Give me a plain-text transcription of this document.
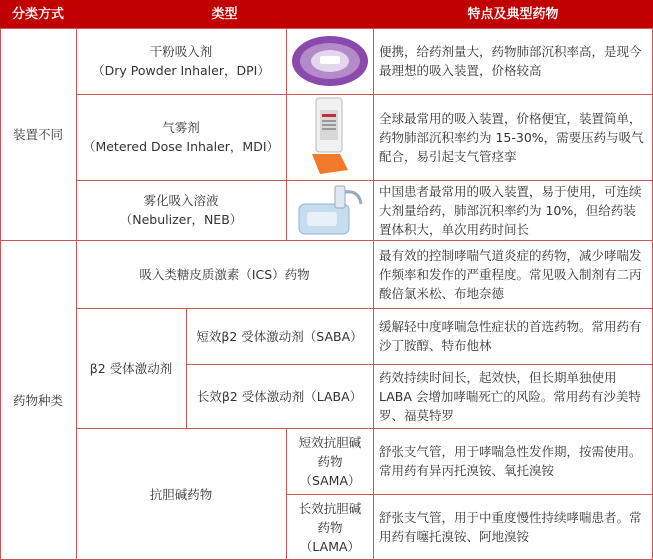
分类方式	类型	特点及典型药物
装置不同
干粉吸入剂
（Dry Powder Inhaler，DPI）
便携，给药剂量大，药物肺部沉积率高，是现今最理想的吸入装置，价格较高
气雾剂
（Metered Dose Inhaler，MDI）
全球最常用的吸入装置，价格便宜，装置简单，药物肺部沉积率约为 15-30%，需要压药与吸气配合，易引起支气管痉挛
雾化吸入溶液
（Nebulizer，NEB）
中国患者最常用的吸入装置，易于使用，可连续大剂量给药，肺部沉积率约为 10%，但给药装置体积大，单次用药时间长
药物种类
吸入类糖皮质激素（ICS）药物
最有效的控制哮喘气道炎症的药物，减少哮喘发作频率和发作的严重程度。常见吸入制剂有二丙酸倍氯米松、布地奈德
β2 受体激动剂
短效β2 受体激动剂（SABA）
缓解轻中度哮喘急性症状的首选药物。常用药有沙丁胺醇、特布他林
长效β2 受体激动剂（LABA）
药效持续时间长，起效快，但长期单独使用 LABA 会增加哮喘死亡的风险。常用药有沙美特罗、福莫特罗
抗胆碱药物
短效抗胆碱药物（SAMA）
舒张支气管，用于哮喘急性发作期，按需使用。常用药有异丙托溴铵、氧托溴铵
长效抗胆碱药物（LAMA）
舒张支气管，用于中重度慢性持续哮喘患者。常用药有噻托溴铵、阿地溴铵
